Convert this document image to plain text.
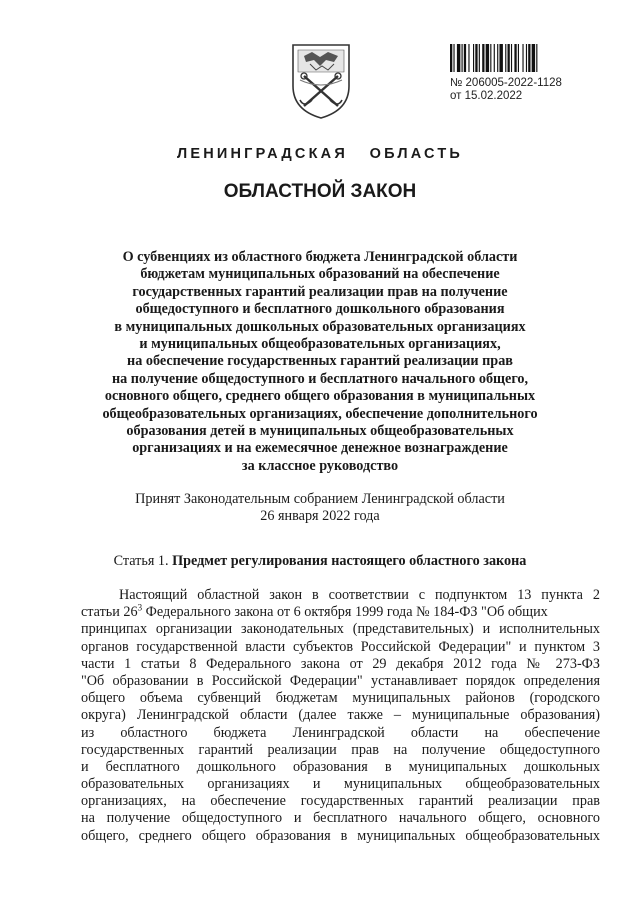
№ 206005-2022-1128
от 15.02.2022
ЛЕНИНГРАДСКАЯ   ОБЛАСТЬ
ОБЛАСТНОЙ ЗАКОН
О субвенциях из областного бюджета Ленинградской области
бюджетам муниципальных образований на обеспечение
государственных гарантий реализации прав на получение
общедоступного и бесплатного дошкольного образования
в муниципальных дошкольных образовательных организациях
и муниципальных общеобразовательных организациях,
на обеспечение государственных гарантий реализации прав
на получение общедоступного и бесплатного начального общего,
основного общего, среднего общего образования в муниципальных
общеобразовательных организациях, обеспечение дополнительного
образования детей в муниципальных общеобразовательных
организациях и на ежемесячное денежное вознаграждение
за классное руководство
Принят Законодательным собранием Ленинградской области
26 января 2022 года
Статья 1. Предмет регулирования настоящего областного закона
Настоящий областной закон в соответствии с подпунктом 13 пункта 2
статьи $26^3$ Федерального закона от 6 октября 1999 года № 184-ФЗ "Об общих
принципах организации законодательных (представительных) и исполнительных
органов государственной власти субъектов Российской Федерации" и пунктом 3
части 1 статьи 8 Федерального закона от 29 декабря 2012 года № 273-ФЗ
"Об образовании в Российской Федерации" устанавливает порядок определения
общего объема субвенций бюджетам муниципальных районов (городского
округа) Ленинградской области (далее также – муниципальные образования)
из областного бюджета Ленинградской области на обеспечение
государственных гарантий реализации прав на получение общедоступного
и бесплатного дошкольного образования в муниципальных дошкольных
образовательных организациях и муниципальных общеобразовательных
организациях, на обеспечение государственных гарантий реализации прав
на получение общедоступного и бесплатного начального общего, основного
общего, среднего общего образования в муниципальных общеобразовательных
